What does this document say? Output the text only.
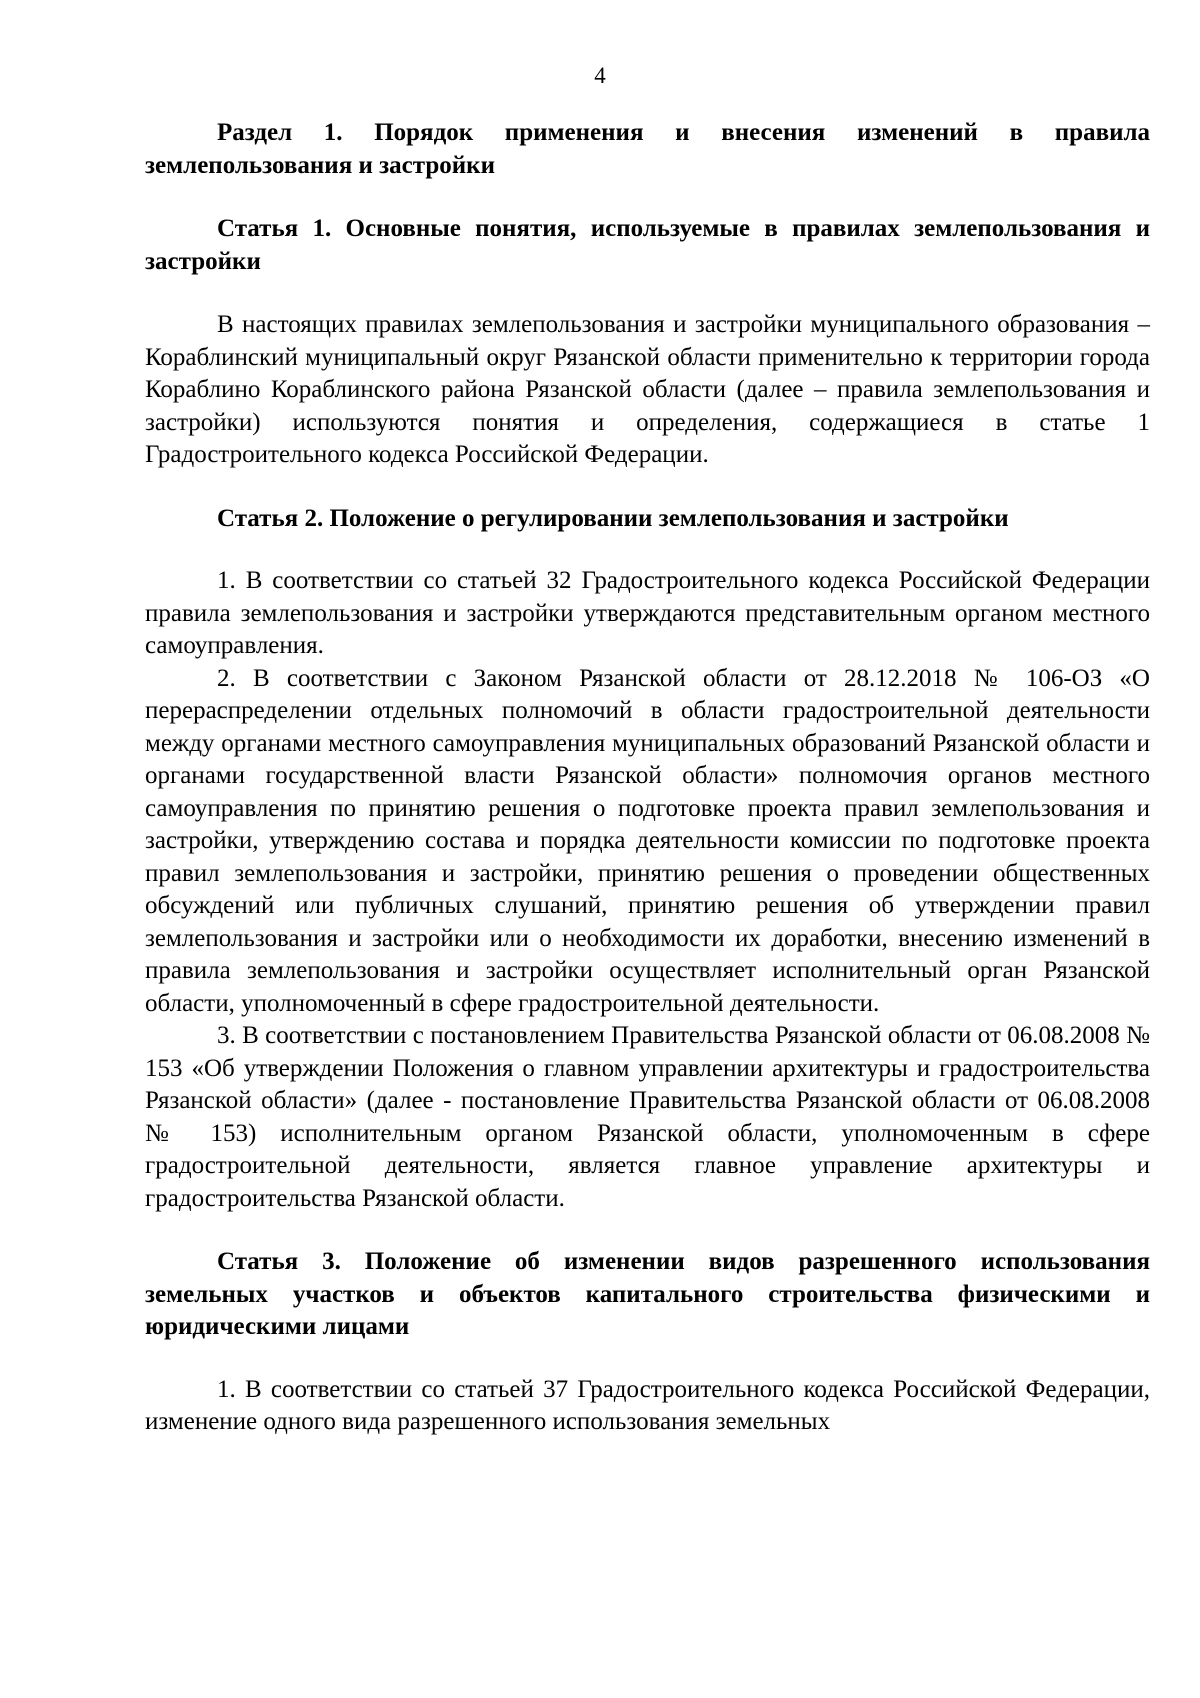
4

Раздел 1. Порядок применения и внесения изменений в правила землепользования и застройки

Статья 1. Основные понятия, используемые в правилах землепользования и застройки

В настоящих правилах землепользования и застройки муниципального образования – Кораблинский муниципальный округ Рязанской области применительно к территории города Кораблино Кораблинского района Рязанской области (далее – правила землепользования и застройки) используются понятия и определения, содержащиеся в статье 1 Градостроительного кодекса Российской Федерации.

Статья 2. Положение о регулировании землепользования и застройки

1. В соответствии со статьей 32 Градостроительного кодекса Российской Федерации правила землепользования и застройки утверждаются представительным органом местного самоуправления.

2. В соответствии с Законом Рязанской области от 28.12.2018 № 106-ОЗ «О перераспределении отдельных полномочий в области градостроительной деятельности между органами местного самоуправления муниципальных образований Рязанской области и органами государственной власти Рязанской области» полномочия органов местного самоуправления по принятию решения о подготовке проекта правил землепользования и застройки, утверждению состава и порядка деятельности комиссии по подготовке проекта правил землепользования и застройки, принятию решения о проведении общественных обсуждений или публичных слушаний, принятию решения об утверждении правил землепользования и застройки или о необходимости их доработки, внесению изменений в правила землепользования и застройки осуществляет исполнительный орган Рязанской области, уполномоченный в сфере градостроительной деятельности.

3. В соответствии с постановлением Правительства Рязанской области от 06.08.2008 № 153 «Об утверждении Положения о главном управлении архитектуры и градостроительства Рязанской области» (далее - постановление Правительства Рязанской области от 06.08.2008 № 153) исполнительным органом Рязанской области, уполномоченным в сфере градостроительной деятельности, является главное управление архитектуры и градостроительства Рязанской области.

Статья 3. Положение об изменении видов разрешенного использования земельных участков и объектов капитального строительства физическими и юридическими лицами

1. В соответствии со статьей 37 Градостроительного кодекса Российской Федерации, изменение одного вида разрешенного использования земельных
